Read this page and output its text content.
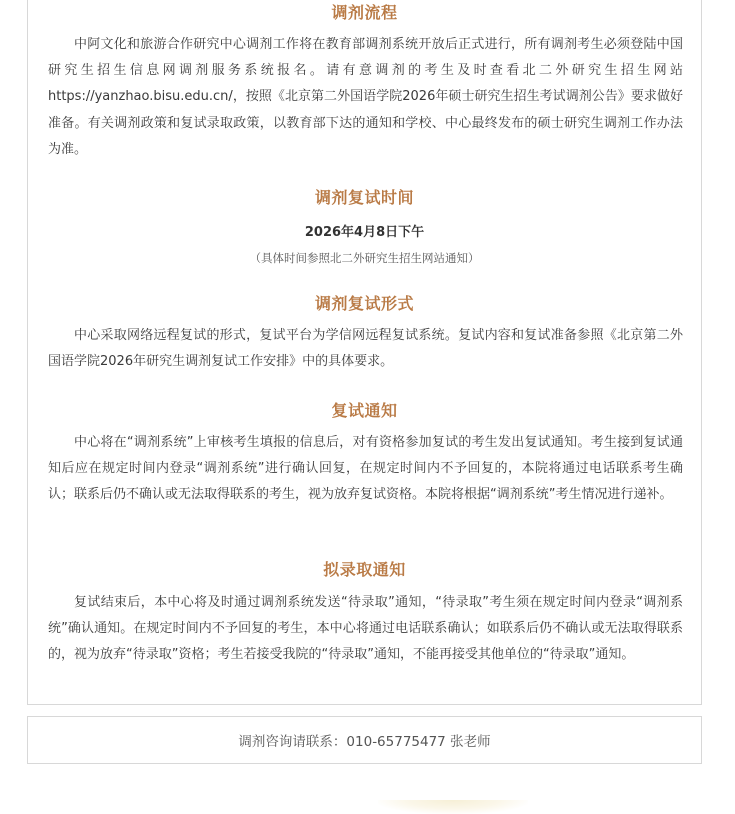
调剂流程
中阿文化和旅游合作研究中心调剂工作将在教育部调剂系统开放后正式进行，所有调剂考生必须登陆中国研究生招生信息网调剂服务系统报名。请有意调剂的考生及时查看北二外研究生招生网站https://yanzhao.bisu.edu.cn/，按照《北京第二外国语学院2026年硕士研究生招生考试调剂公告》要求做好准备。有关调剂政策和复试录取政策，以教育部下达的通知和学校、中心最终发布的硕士研究生调剂工作办法为准。
调剂复试时间
2026年4月8日下午
（具体时间参照北二外研究生招生网站通知）
调剂复试形式
中心采取网络远程复试的形式，复试平台为学信网远程复试系统。复试内容和复试准备参照《北京第二外国语学院2026年研究生调剂复试工作安排》中的具体要求。
复试通知
中心将在“调剂系统”上审核考生填报的信息后，对有资格参加复试的考生发出复试通知。考生接到复试通知后应在规定时间内登录“调剂系统”进行确认回复，在规定时间内不予回复的，本院将通过电话联系考生确认；联系后仍不确认或无法取得联系的考生，视为放弃复试资格。本院将根据“调剂系统”考生情况进行递补。
拟录取通知
复试结束后，本中心将及时通过调剂系统发送“待录取”通知，“待录取”考生须在规定时间内登录“调剂系统”确认通知。在规定时间内不予回复的考生，本中心将通过电话联系确认；如联系后仍不确认或无法取得联系的，视为放弃“待录取”资格；考生若接受我院的“待录取”通知，不能再接受其他单位的“待录取”通知。
调剂咨询请联系：010-65775477 张老师
